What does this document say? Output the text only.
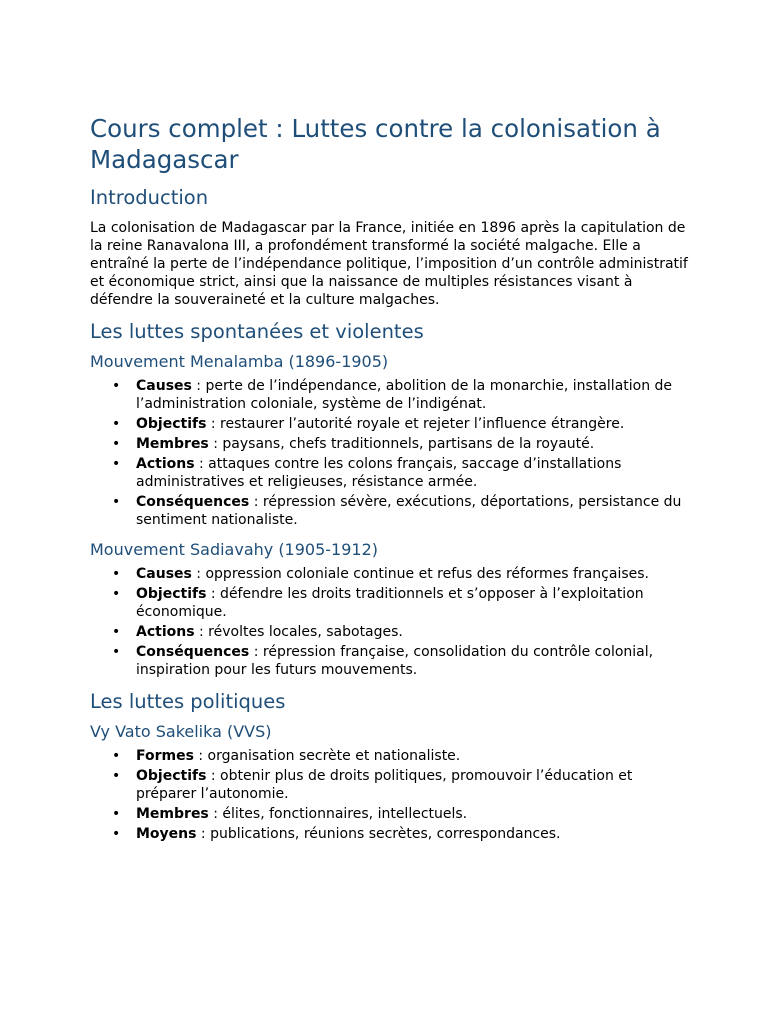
Cours complet : Luttes contre la colonisation à Madagascar
Introduction

La colonisation de Madagascar par la France, initiée en 1896 après la capitulation de la reine Ranavalona III, a profondément transformé la société malgache. Elle a entraîné la perte de l’indépendance politique, l’imposition d’un contrôle administratif et économique strict, ainsi que la naissance de multiples résistances visant à défendre la souveraineté et la culture malgaches.

Les luttes spontanées et violentes
Mouvement Menalamba (1896-1905)
• Causes : perte de l’indépendance, abolition de la monarchie, installation de l’administration coloniale, système de l’indigénat.
• Objectifs : restaurer l’autorité royale et rejeter l’influence étrangère.
• Membres : paysans, chefs traditionnels, partisans de la royauté.
• Actions : attaques contre les colons français, saccage d’installations administratives et religieuses, résistance armée.
• Conséquences : répression sévère, exécutions, déportations, persistance du sentiment nationaliste.
Mouvement Sadiavahy (1905-1912)
• Causes : oppression coloniale continue et refus des réformes françaises.
• Objectifs : défendre les droits traditionnels et s’opposer à l’exploitation économique.
• Actions : révoltes locales, sabotages.
• Conséquences : répression française, consolidation du contrôle colonial, inspiration pour les futurs mouvements.
Les luttes politiques
Vy Vato Sakelika (VVS)
• Formes : organisation secrète et nationaliste.
• Objectifs : obtenir plus de droits politiques, promouvoir l’éducation et préparer l’autonomie.
• Membres : élites, fonctionnaires, intellectuels.
• Moyens : publications, réunions secrètes, correspondances.
